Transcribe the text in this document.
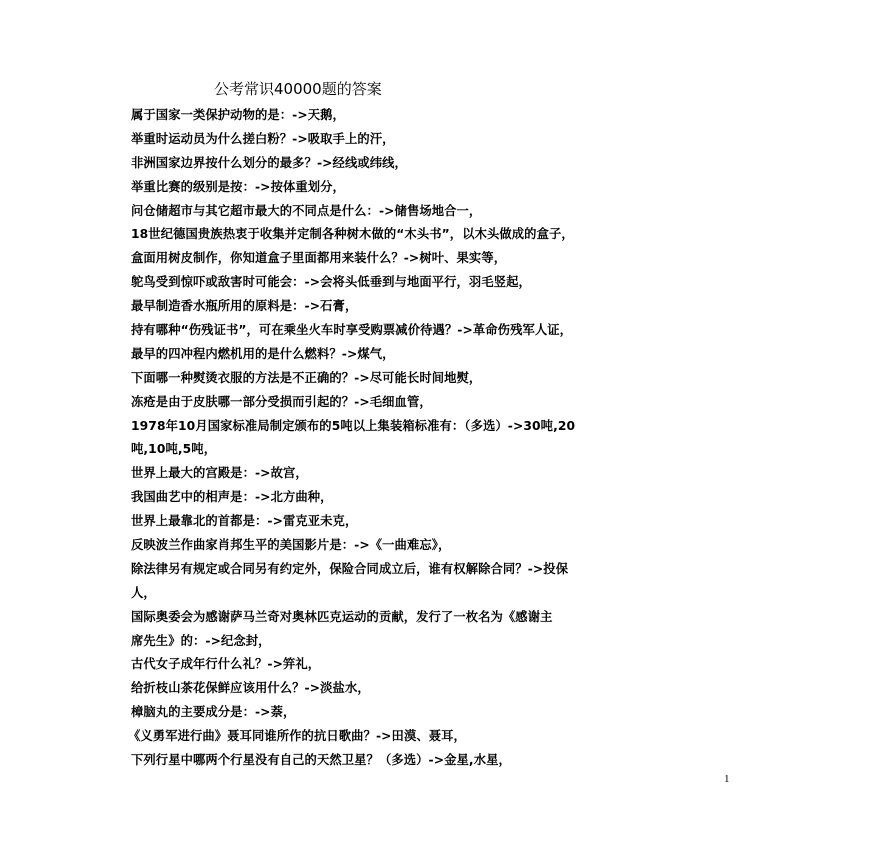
公考常识40000题的答案
属于国家一类保护动物的是：->天鹅，
举重时运动员为什么搓白粉？->吸取手上的汗，
非洲国家边界按什么划分的最多？->经线或纬线，
举重比赛的级别是按：->按体重划分，
问仓储超市与其它超市最大的不同点是什么：->储售场地合一，
18世纪德国贵族热衷于收集并定制各种树木做的“木头书”，以木头做成的盒子，
盒面用树皮制作，你知道盒子里面都用来装什么？->树叶、果实等，
鸵鸟受到惊吓或敌害时可能会：->会将头低垂到与地面平行，羽毛竖起，
最早制造香水瓶所用的原料是：->石膏，
持有哪种“伤残证书”，可在乘坐火车时享受购票减价待遇？->革命伤残军人证，
最早的四冲程内燃机用的是什么燃料？->煤气，
下面哪一种熨烫衣服的方法是不正确的？->尽可能长时间地熨，
冻疮是由于皮肤哪一部分受损而引起的？->毛细血管，
1978年10月国家标准局制定颁布的5吨以上集装箱标准有：（多选）->30吨,20
吨,10吨,5吨，
世界上最大的宫殿是：->故宫，
我国曲艺中的相声是：->北方曲种，
世界上最靠北的首都是：->雷克亚未克，
反映波兰作曲家肖邦生平的美国影片是：->《一曲难忘》，
除法律另有规定或合同另有约定外，保险合同成立后，谁有权解除合同？->投保
人，
国际奥委会为感谢萨马兰奇对奥林匹克运动的贡献，发行了一枚名为《感谢主
席先生》的：->纪念封，
古代女子成年行什么礼？->笄礼，
给折枝山茶花保鲜应该用什么？->淡盐水，
樟脑丸的主要成分是：->萘，
《义勇军进行曲》聂耳同谁所作的抗日歌曲？->田漠、聂耳，
下列行星中哪两个行星没有自己的天然卫星？（多选）->金星,水星，
1
